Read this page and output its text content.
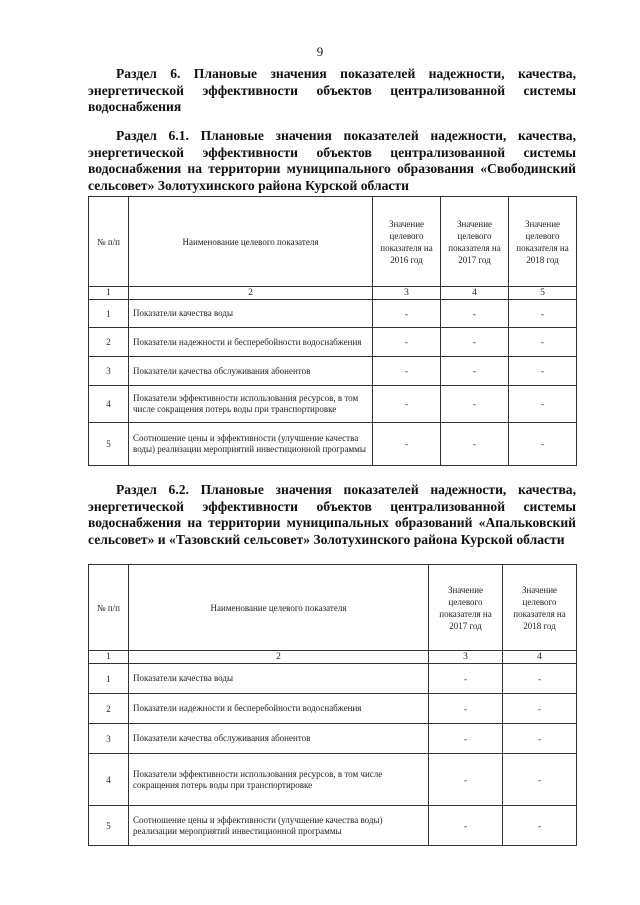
9
Раздел 6. Плановые значения показателей надежности, качества, энергетической эффективности объектов централизованной системы водоснабжения
Раздел 6.1. Плановые значения показателей надежности, качества, энергетической эффективности объектов централизованной системы водоснабжения на территории муниципального образования «Свободинский сельсовет» Золотухинского района Курской области
№ п/п	Наименование целевого показателя	Значение целевого показателя на 2016 год	Значение целевого показателя на 2017 год	Значение целевого показателя на 2018 год
1	2	3	4	5
1	Показатели качества воды	-	-	-
2	Показатели надежности и бесперебойности водоснабжения	-	-	-
3	Показатели качества обслуживания абонентов	-	-	-
4	Показатели эффективности использования ресурсов, в том числе сокращения потерь воды при транспортировке	-	-	-
5	Соотношение цены и эффективности (улучшение качества воды) реализации мероприятий инвестиционной программы	-	-	-
Раздел 6.2. Плановые значения показателей надежности, качества, энергетической эффективности объектов централизованной системы водоснабжения на территории муниципальных образований «Апальковский сельсовет» и «Тазовский сельсовет» Золотухинского района Курской области
№ п/п	Наименование целевого показателя	Значение целевого показателя на 2017 год	Значение целевого показателя на 2018 год
1	2	3	4
1	Показатели качества воды	-	-
2	Показатели надежности и бесперебойности водоснабжения	-	-
3	Показатели качества обслуживания абонентов	-	-
4	Показатели эффективности использования ресурсов, в том числе сокращения потерь воды при транспортировке	-	-
5	Соотношение цены и эффективности (улучшение качества воды) реализации мероприятий инвестиционной программы	-	-
